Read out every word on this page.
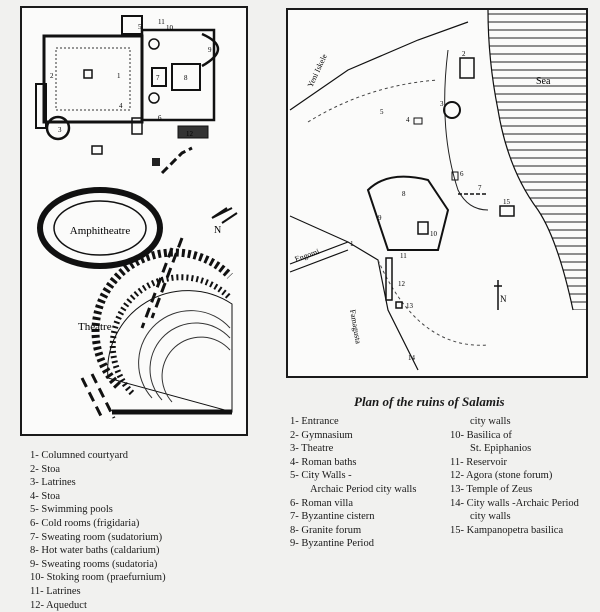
Amphitheatre	N
Theatre
11
10
5
2	1
4
3
7	8
9
6
12
Sea
Yeni Iskele
Engomi
Famagusta
N
1
2
3
4
5
6
7
8
9
10
11
12
13
14
15
Plan of the ruins of Salamis
1- Columned courtyard
2- Stoa
3- Latrines
4- Stoa
5- Swimming pools
6- Cold rooms (frigidaria)
7- Sweating room (sudatorium)
8- Hot water baths (caldarium)
9- Sweating rooms (sudatoria)
10- Stoking room (praefurnium)
11- Latrines
12- Aqueduct
1- Entrance
2- Gymnasium
3- Theatre
4- Roman baths
5- City Walls -
Archaic Period city walls
6- Roman villa
7- Byzantine cistern
8- Granite forum
9- Byzantine Period
city walls
10- Basilica of
St. Epiphanios
11- Reservoir
12- Agora (stone forum)
13- Temple of Zeus
14- City walls -Archaic Period
city walls
15- Kampanopetra basilica
